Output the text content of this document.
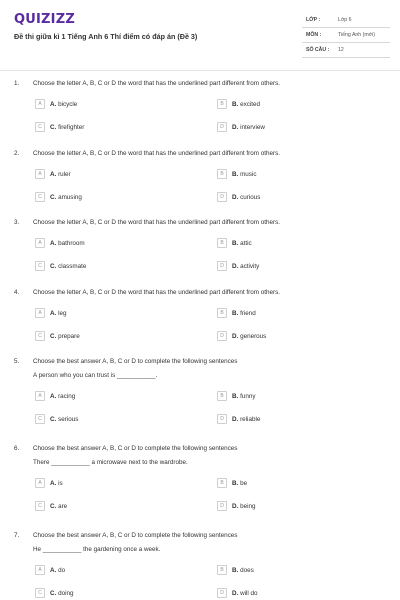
QUIZIZZ
Đề thi giữa kì 1 Tiếng Anh 6 Thí điểm có đáp án (Đề 3)
LỚP :	Lớp 6
MÔN :	Tiếng Anh (mới)
SỐ CÂU : 12
1. Choose the letter A, B, C or D the word that has the underlined part different from others.
A	A. bicycle	B	B. excited
C	C. firefighter	D	D. interview
2. Choose the letter A, B, C or D the word that has the underlined part different from others.
A	A. ruler	B	B. music
C	C. amusing	D	D. curious
3. Choose the letter A, B, C or D the word that has the underlined part different from others.
A	A. bathroom	B	B. attic
C	C. classmate	D	D. activity
4. Choose the letter A, B, C or D the word that has the underlined part different from others.
A	A. leg	B	B. friend
C	C. prepare	D	D. generous
5. Choose the best answer A, B, C or D to complete the following sentences
A person who you can trust is ___________.
A	A. racing	B	B. funny
C	C. serious	D	D. reliable
6. Choose the best answer A, B, C or D to complete the following sentences
There ___________ a microwave next to the wardrobe.
A	A. is	B	B. be
C	C. are	D	D. being
7. Choose the best answer A, B, C or D to complete the following sentences
He ___________ the gardening once a week.
A	A. do	B	B. does
C	C. doing	D	D. will do
